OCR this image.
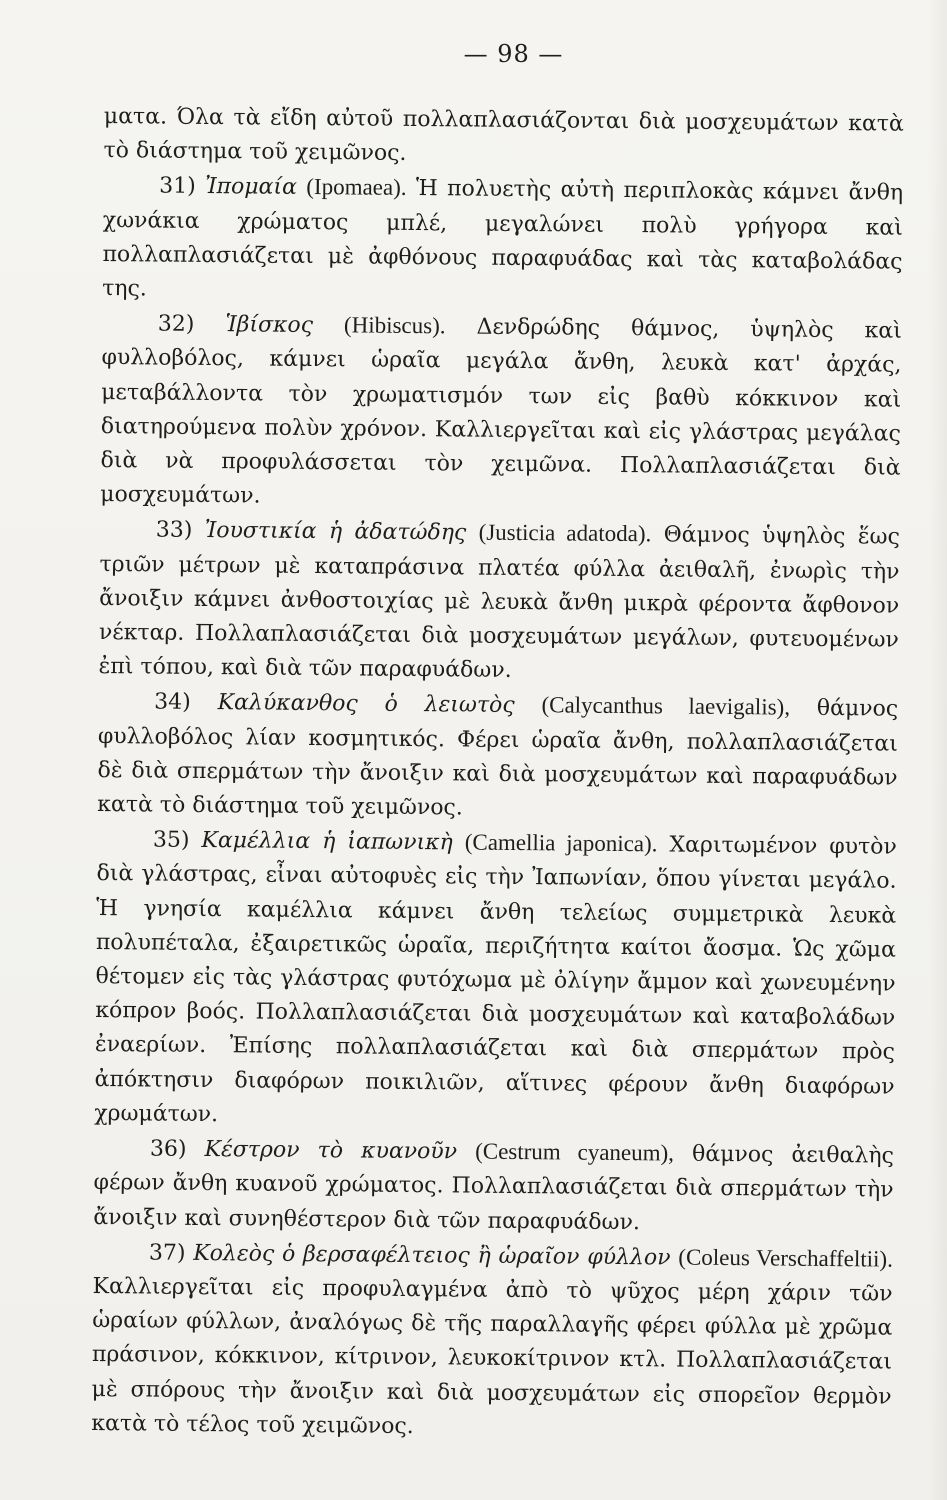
— 98 —

ματα. Όλα τὰ εἴδη αὐτοῦ πολλαπλασιάζονται διὰ μοσχευμάτων κατὰ τὸ διάστημα τοῦ χειμῶνος.

31) Ἰπομαία (Ipomaea). Ἡ πολυετὴς αὐτὴ περιπλοκὰς κάμνει ἄνθη χωνάκια χρώματος μπλέ, μεγαλώνει πολὺ γρήγορα καὶ πολλαπλασιάζεται μὲ ἀφθόνους παραφυάδας καὶ τὰς καταβολάδας της.

32) Ἱβίσκος (Hibiscus). Δενδρώδης θάμνος, ὑψηλὸς καὶ φυλλοβόλος, κάμνει ὡραῖα μεγάλα ἄνθη, λευκὰ κατ' ἀρχάς, μεταβάλλοντα τὸν χρωματισμόν των εἰς βαθὺ κόκκινον καὶ διατηρούμενα πολὺν χρόνον. Καλλιεργεῖται καὶ εἰς γλάστρας μεγάλας διὰ νὰ προφυλάσσεται τὸν χειμῶνα. Πολλαπλασιάζεται διὰ μοσχευμάτων.

33) Ἰουστικία ἡ ἀδατώδης (Justicia adatoda). Θάμνος ὑψηλὸς ἕως τριῶν μέτρων μὲ καταπράσινα πλατέα φύλλα ἀειθαλῆ, ἐνωρὶς τὴν ἄνοιξιν κάμνει ἀνθοστοιχίας μὲ λευκὰ ἄνθη μικρὰ φέροντα ἄφθονον νέκταρ. Πολλαπλασιάζεται διὰ μοσχευμάτων μεγάλων, φυτευομένων ἐπὶ τόπου, καὶ διὰ τῶν παραφυάδων.

34) Καλύκανθος ὁ λειωτὸς (Calycanthus laevigalis), θάμνος φυλλοβόλος λίαν κοσμητικός. Φέρει ὡραῖα ἄνθη, πολλαπλασιάζεται δὲ διὰ σπερμάτων τὴν ἄνοιξιν καὶ διὰ μοσχευμάτων καὶ παραφυάδων κατὰ τὸ διάστημα τοῦ χειμῶνος.

35) Καμέλλια ἡ ἰαπωνικὴ (Camellia japonica). Χαριτωμένον φυτὸν διὰ γλάστρας, εἶναι αὐτοφυὲς εἰς τὴν Ἰαπωνίαν, ὅπου γίνεται μεγάλο. Ἡ γνησία καμέλλια κάμνει ἄνθη τελείως συμμετρικὰ λευκὰ πολυπέταλα, ἐξαιρετικῶς ὡραῖα, περιζήτητα καίτοι ἄοσμα. Ὡς χῶμα θέτομεν εἰς τὰς γλάστρας φυτόχωμα μὲ ὀλίγην ἄμμον καὶ χωνευμένην κόπρον βοός. Πολλαπλασιάζεται διὰ μοσχευμάτων καὶ καταβολάδων ἐναερίων. Ἐπίσης πολλαπλασιάζεται καὶ διὰ σπερμάτων πρὸς ἀπόκτησιν διαφόρων ποικιλιῶν, αἵτινες φέρουν ἄνθη διαφόρων χρωμάτων.

36) Κέστρον τὸ κυανοῦν (Cestrum cyaneum), θάμνος ἀειθαλὴς φέρων ἄνθη κυανοῦ χρώματος. Πολλαπλασιάζεται διὰ σπερμάτων τὴν ἄνοιξιν καὶ συνηθέστερον διὰ τῶν παραφυάδων.

37) Κολεὸς ὁ βερσαφέλτειος ἢ ὡραῖον φύλλον (Coleus Verschaffeltii). Καλλιεργεῖται εἰς προφυλαγμένα ἀπὸ τὸ ψῦχος μέρη χάριν τῶν ὡραίων φύλλων, ἀναλόγως δὲ τῆς παραλλαγῆς φέρει φύλλα μὲ χρῶμα πράσινον, κόκκινον, κίτρινον, λευκοκίτρινον κτλ. Πολλαπλασιάζεται μὲ σπόρους τὴν ἄνοιξιν καὶ διὰ μοσχευμάτων εἰς σπορεῖον θερμὸν κατὰ τὸ τέλος τοῦ χειμῶνος.
